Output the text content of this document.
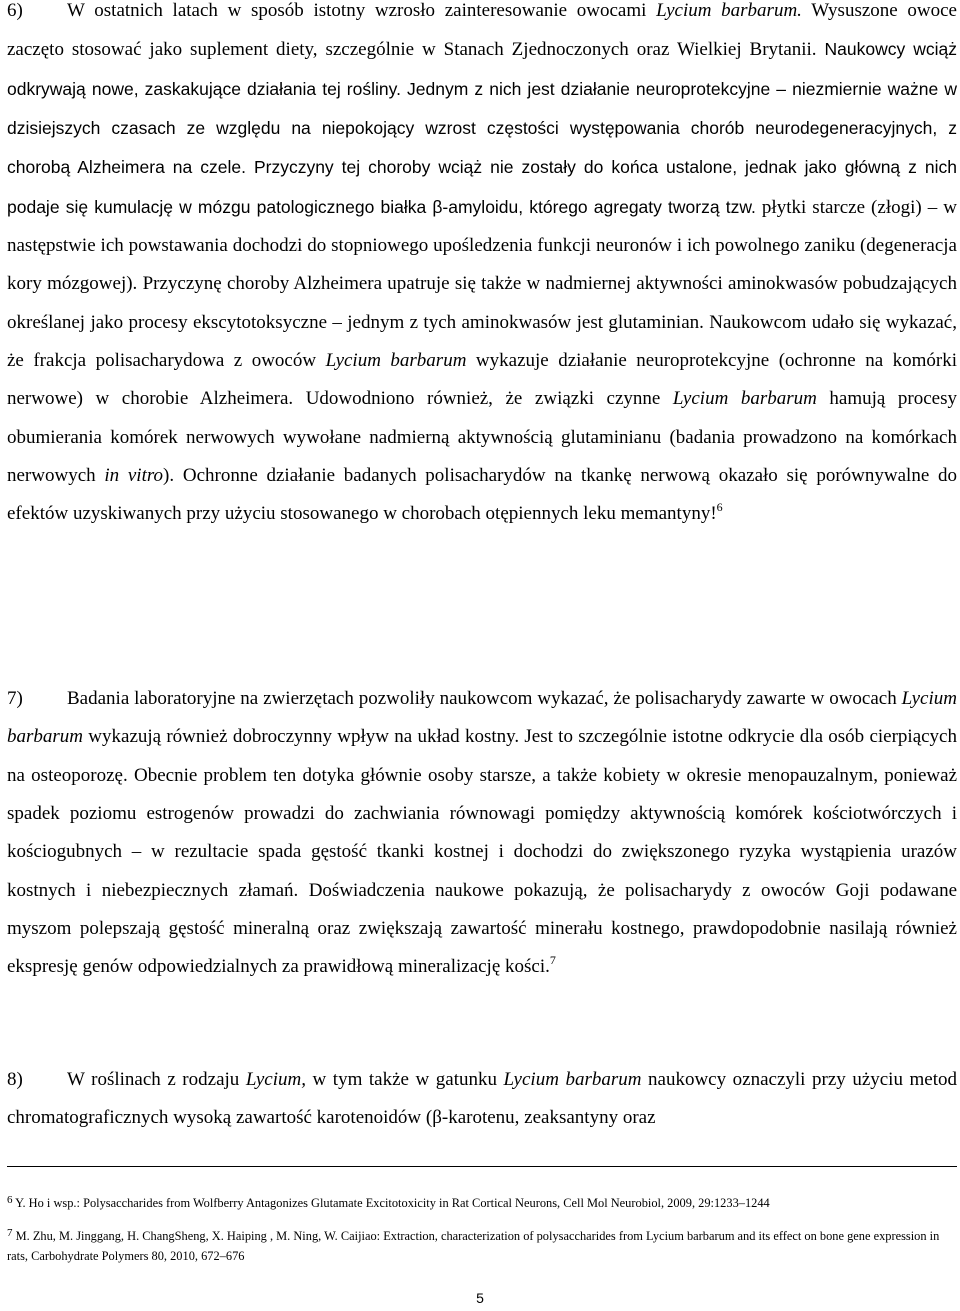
6) W ostatnich latach w sposób istotny wzrosło zainteresowanie owocami Lycium barbarum. Wysuszone owoce zaczęto stosować jako suplement diety, szczególnie w Stanach Zjednoczonych oraz Wielkiej Brytanii. Naukowcy wciąż odkrywają nowe, zaskakujące działania tej rośliny. Jednym z nich jest działanie neuroprotekcyjne – niezmiernie ważne w dzisiejszych czasach ze względu na niepokojący wzrost częstości występowania chorób neurodegeneracyjnych, z chorobą Alzheimera na czele. Przyczyny tej choroby wciąż nie zostały do końca ustalone, jednak jako główną z nich podaje się kumulację w mózgu patologicznego białka β-amyloidu, którego agregaty tworzą tzw. płytki starcze (złogi) – w następstwie ich powstawania dochodzi do stopniowego upośledzenia funkcji neuronów i ich powolnego zaniku (degeneracja kory mózgowej). Przyczynę choroby Alzheimera upatruje się także w nadmiernej aktywności aminokwasów pobudzających określanej jako procesy ekscytotoksyczne – jednym z tych aminokwasów jest glutaminian. Naukowcom udało się wykazać, że frakcja polisacharydowa z owoców Lycium barbarum wykazuje działanie neuroprotekcyjne (ochronne na komórki nerwowe) w chorobie Alzheimera. Udowodniono również, że związki czynne Lycium barbarum hamują procesy obumierania komórek nerwowych wywołane nadmierną aktywnością glutaminianu (badania prowadzono na komórkach nerwowych in vitro). Ochronne działanie badanych polisacharydów na tkankę nerwową okazało się porównywalne do efektów uzyskiwanych przy użyciu stosowanego w chorobach otępiennych leku memantyny!$^6$

7) Badania laboratoryjne na zwierzętach pozwoliły naukowcom wykazać, że polisacharydy zawarte w owocach Lycium barbarum wykazują również dobroczynny wpływ na układ kostny. Jest to szczególnie istotne odkrycie dla osób cierpiących na osteoporozę. Obecnie problem ten dotyka głównie osoby starsze, a także kobiety w okresie menopauzalnym, ponieważ spadek poziomu estrogenów prowadzi do zachwiania równowagi pomiędzy aktywnością komórek kościotwórczych i kościogubnych – w rezultacie spada gęstość tkanki kostnej i dochodzi do zwiększonego ryzyka wystąpienia urazów kostnych i niebezpiecznych złamań. Doświadczenia naukowe pokazują, że polisacharydy z owoców Goji podawane myszom polepszają gęstość mineralną oraz zwiększają zawartość minerału kostnego, prawdopodobnie nasilają również ekspresję genów odpowiedzialnych za prawidłową mineralizację kości.$^7$

8) W roślinach z rodzaju Lycium, w tym także w gatunku Lycium barbarum naukowcy oznaczyli przy użyciu metod chromatograficznych wysoką zawartość karotenoidów (β-karotenu, zeaksantyny oraz

$^6$ Y. Ho i wsp.: Polysaccharides from Wolfberry Antagonizes Glutamate Excitotoxicity in Rat Cortical Neurons, Cell Mol Neurobiol, 2009, 29:1233–1244

$^7$ M. Zhu, M. Jinggang, H. ChangSheng, X. Haiping , M. Ning, W. Caijiao: Extraction, characterization of polysaccharides from Lycium barbarum and its effect on bone gene expression in rats, Carbohydrate Polymers 80, 2010, 672–676

5
